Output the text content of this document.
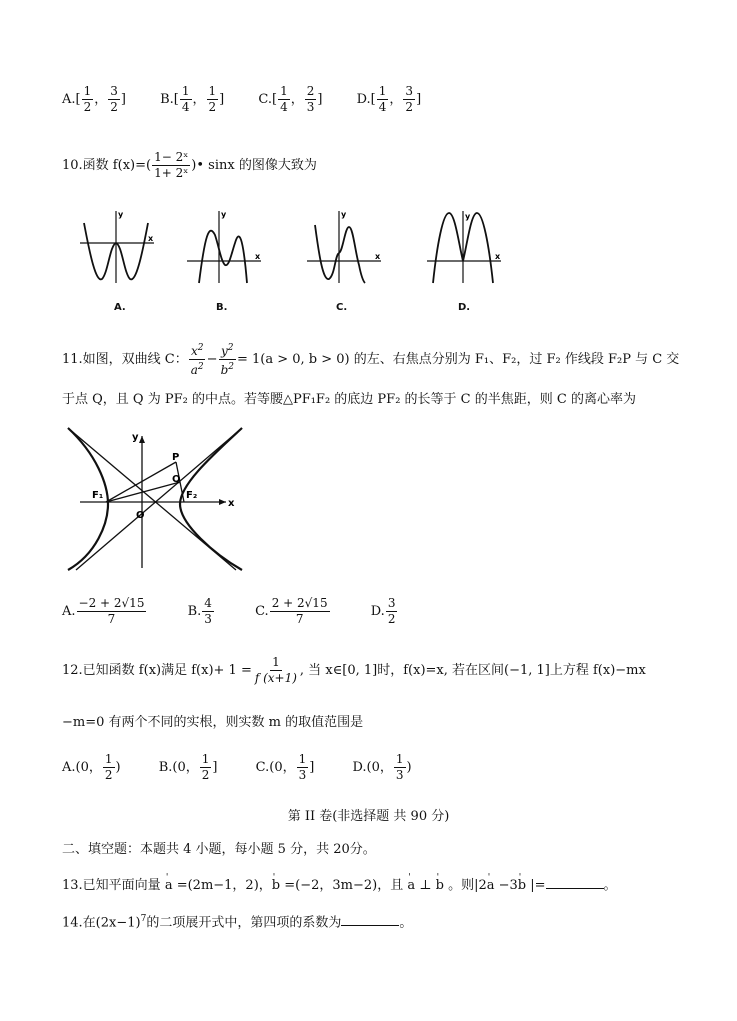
$A.[ \frac{1}{2}$ ， $\frac{3}{2}$ ]	$B.[ \frac{1}{4}$ ， $\frac{1}{2}$ ]	$C.[ \frac{1}{4}$ ， $\frac{2}{3}$ ]	$D.[ \frac{1}{4}$ ， $\frac{3}{2}$ ]
10.函数 $f(x)=( \frac{\text{1− 2ˣ}}{\text{1+ 2ˣ}}$ )• sinx 的图像大致为
y
x
y
x
y
x
y
x
A.	B.	C.	D.
11.如图，双曲线 C： $\frac{x^2}{a^2} - \frac{y^2}{b^2} = 1(a > 0$, b > 0) 的左、右焦点分别为 F₁、F₂，过 F₂ 作线段 F₂P 与 C 交
于点 Q，且 Q 为 PF₂ 的中点。若等腰△PF₁F₂ 的底边 PF₂ 的长等于 C 的半焦距，则 C 的离心率为
y
x
P
Q
F₁	F₂
O
A. $\frac{-2 + 2√15}{7}$	B. $\frac{4}{3}$	C. $\frac{2 + 2√15}{7}$	D. $\frac{3}{2}$
12.已知函数 f(x)满足 $f(x)+ 1 = \frac{1}{f (x+1)}$ , 当 x∈[0, 1]时，f(x)=x, 若在区间(−1, 1]上方程 f(x)−mx
−m=0 有两个不同的实根，则实数 m 的取值范围是
A.(0， $\frac{1}{2}$ )	B.(0， $\frac{1}{2}$ ]	C.(0， $\frac{1}{3}$ ]	D.(0， $\frac{1}{3}$ )
第 II 卷(非选择题 共 90 分)
二、填空题：本题共 4 小题，每小题 5 分，共 20分。
13.已知平面向量 ' a =(2m−1，2)，' b =(−2，3m−2)，且 ' a ⊥ ' b 。则|2' a −3' b |=	。
14.在$(2x-1)^7$的二项展开式中，第四项的系数为	。
